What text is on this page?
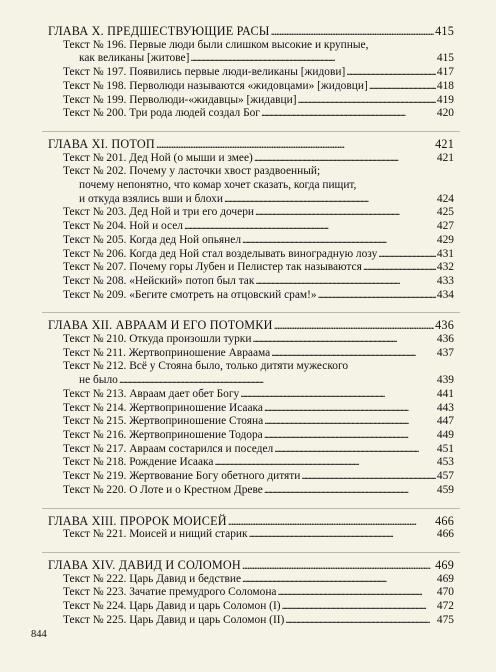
ГЛАВА X. ПРЕДШЕСТВУЮЩИЕ РАСЫ . . .	415
Текст № 196. Первые люди были слишком высокие и крупные,
как великаны [житове] . . .	415
Текст № 197. Появились первые люди-великаны [жидови] . . .	417
Текст № 198. Перволюди называются «жидовцами» [жидовци] . . .	418
Текст № 199. Перволюди-«жидавцы» [жидавци] . . .	419
Текст № 200. Три рода людей создал Бог . . .	420
ГЛАВА XI. ПОТОП . . .	421
Текст № 201. Дед Ной (о мыши и змее) . . .	421
Текст № 202. Почему у ласточки хвост раздвоенный;
почему непонятно, что комар хочет сказать, когда пищит,
и откуда взялись вши и блохи . . .	424
Текст № 203. Дед Ной и три его дочери . . .	425
Текст № 204. Ной и осел . . .	427
Текст № 205. Когда дед Ной опьянел . . .	429
Текст № 206. Когда дед Ной стал возделывать виноградную лозу . . .	431
Текст № 207. Почему горы Лубен и Пелистер так называются . . .	432
Текст № 208. «Нейский» потоп был так . . .	433
Текст № 209. «Бегите смотреть на отцовский срам!» . . .	434
ГЛАВА XII. АВРААМ И ЕГО ПОТОМКИ . . .	436
Текст № 210. Откуда произошли турки . . .	436
Текст № 211. Жертвоприношение Авраама . . .	437
Текст № 212. Всё у Стояна было, только дитяти мужеского
не было . . .	439
Текст № 213. Авраам дает обет Богу . . .	441
Текст № 214. Жертвоприношение Исаака . . .	443
Текст № 215. Жертвоприношение Стояна . . .	447
Текст № 216. Жертвоприношение Тодора . . .	449
Текст № 217. Авраам состарился и поседел . . .	451
Текст № 218. Рождение Исаака . . .	453
Текст № 219. Жертвование Богу обетного дитяти . . .	457
Текст № 220. О Лоте и о Крестном Древе . . .	459
ГЛАВА XIII. ПРОРОК МОИСЕЙ . . .	466
Текст № 221. Моисей и нищий старик . . .	466
ГЛАВА XIV. ДАВИД И СОЛОМОН . . .	469
Текст № 222. Царь Давид и бедствие . . .	469
Текст № 223. Зачатие премудрого Соломона . . .	470
Текст № 224. Царь Давид и царь Соломон (I) . . .	472
Текст № 225. Царь Давид и царь Соломон (II) . . .	475
844
